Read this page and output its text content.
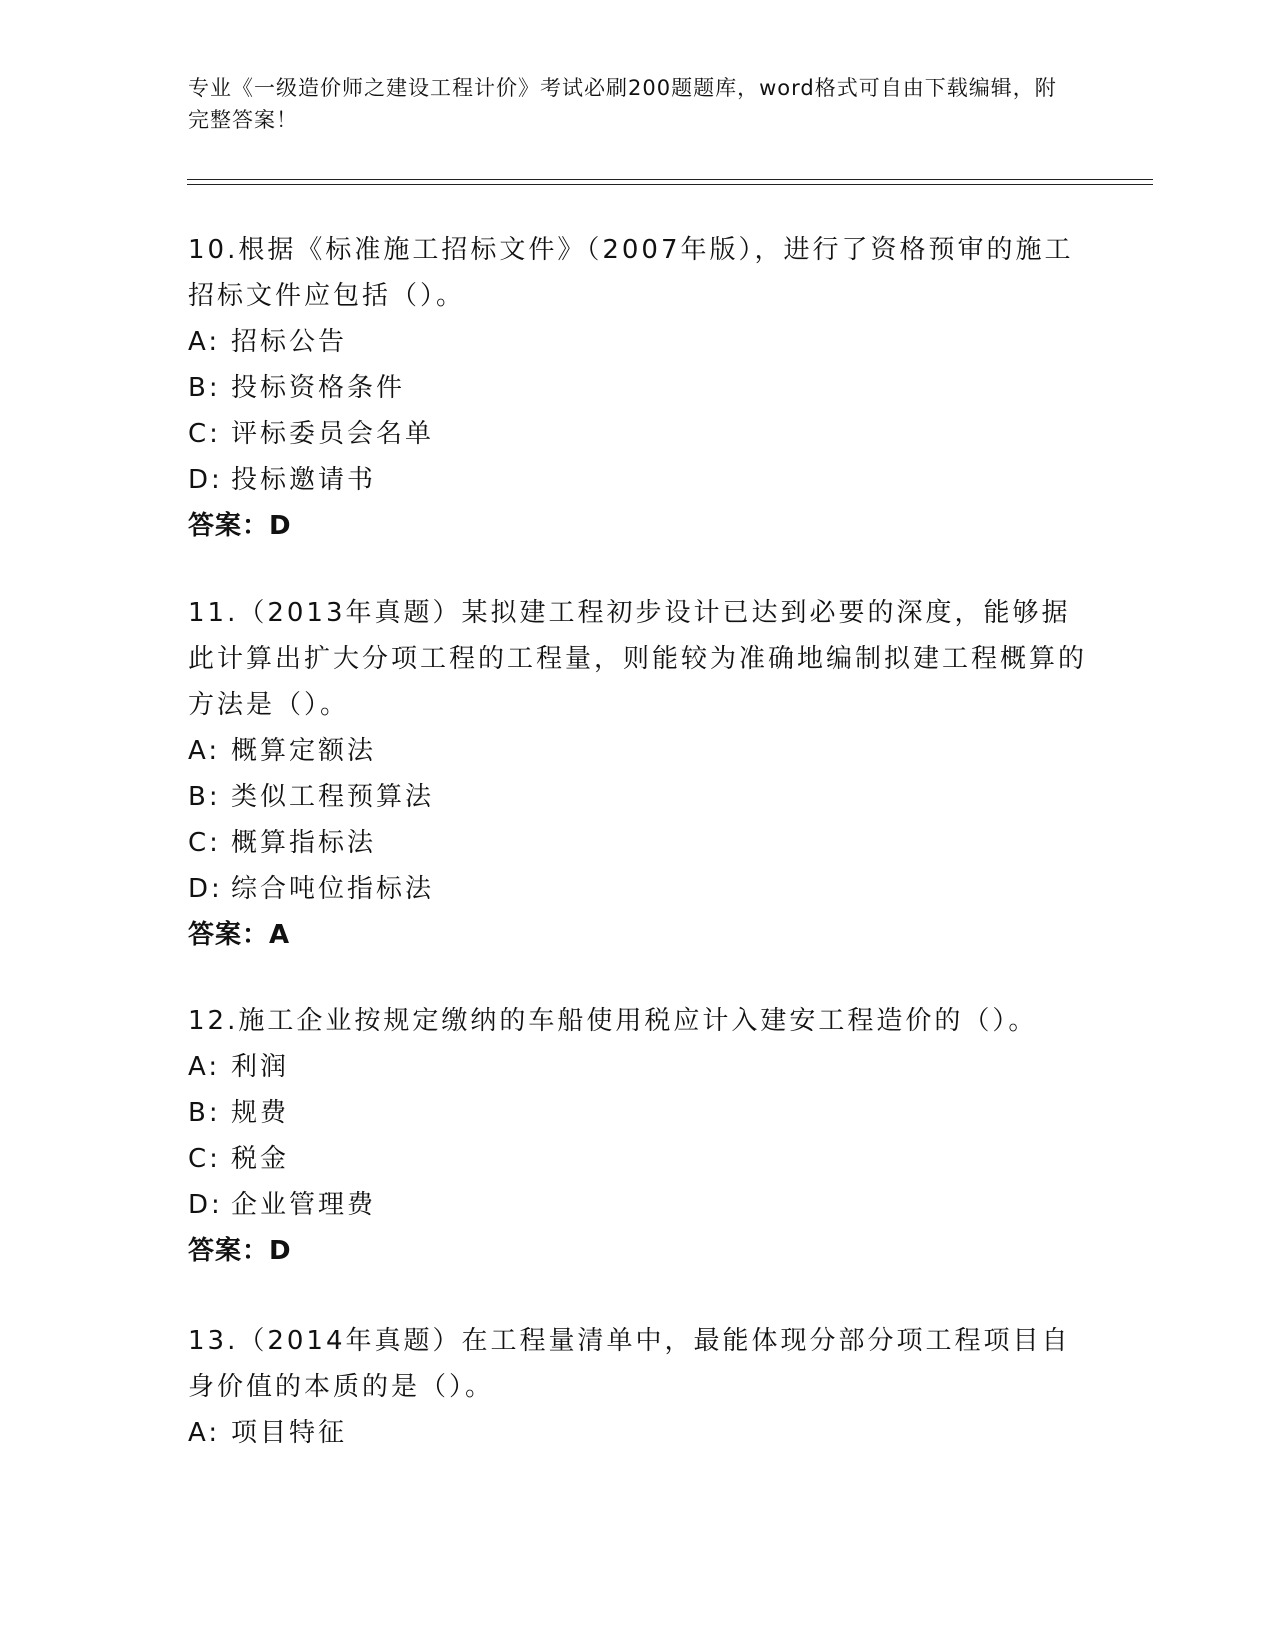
专业《一级造价师之建设工程计价》考试必刷200题题库，word格式可自由下载编辑，附完整答案！
10.根据《标准施工招标文件》（2007年版），进行了资格预审的施工招标文件应包括（）。
A: 招标公告
B: 投标资格条件
C: 评标委员会名单
D: 投标邀请书
答案：D
11.（2013年真题）某拟建工程初步设计已达到必要的深度，能够据此计算出扩大分项工程的工程量，则能较为准确地编制拟建工程概算的方法是（）。
A: 概算定额法
B: 类似工程预算法
C: 概算指标法
D: 综合吨位指标法
答案：A
12.施工企业按规定缴纳的车船使用税应计入建安工程造价的（）。
A: 利润
B: 规费
C: 税金
D: 企业管理费
答案：D
13.（2014年真题）在工程量清单中，最能体现分部分项工程项目自身价值的本质的是（）。
A: 项目特征
